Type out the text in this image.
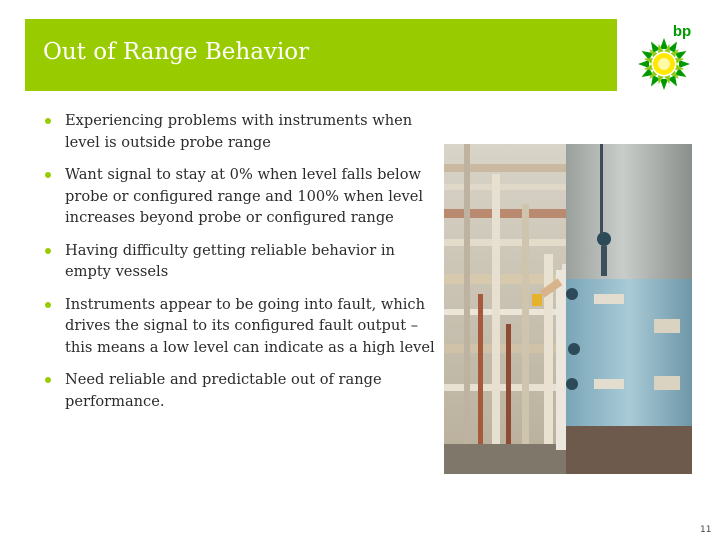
Out of Range Behavior
bp
Experiencing problems with instruments when level is outside probe range
Want signal to stay at 0% when level falls below probe or configured range and 100% when level increases beyond probe or configured range
Having difficulty getting reliable behavior in empty vessels
Instruments appear to be going into fault, which drives the signal to its configured fault output – this means a low level can indicate as a high level
Need reliable and predictable out of range performance.
11
